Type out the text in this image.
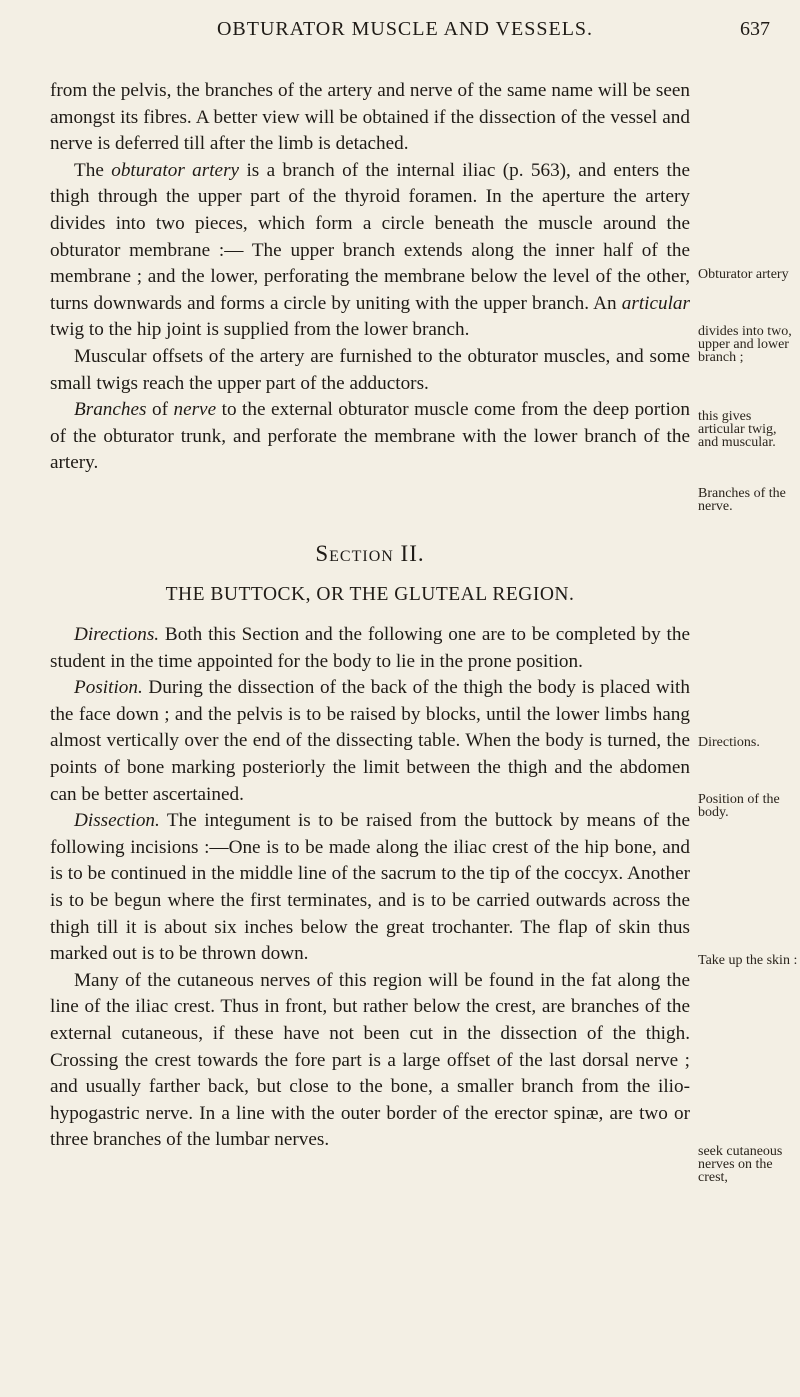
OBTURATOR MUSCLE AND VESSELS.	637

from the pelvis, the branches of the artery and nerve of the same name will be seen amongst its fibres. A better view will be obtained if the dissection of the vessel and nerve is deferred till after the limb is detached.

The obturator artery is a branch of the internal iliac (p. 563), and enters the thigh through the upper part of the thyroid foramen. In the aperture the artery divides into two pieces, which form a circle beneath the muscle around the obturator membrane :— The upper branch extends along the inner half of the membrane ; and the lower, perforating the membrane below the level of the other, turns downwards and forms a circle by uniting with the upper branch. An articular twig to the hip joint is supplied from the lower branch.

Muscular offsets of the artery are furnished to the obturator muscles, and some small twigs reach the upper part of the adductors.

Branches of nerve to the external obturator muscle come from the deep portion of the obturator trunk, and perforate the membrane with the lower branch of the artery.

Section II.
THE BUTTOCK, OR THE GLUTEAL REGION.

Directions. Both this Section and the following one are to be completed by the student in the time appointed for the body to lie in the prone position.

Position. During the dissection of the back of the thigh the body is placed with the face down ; and the pelvis is to be raised by blocks, until the lower limbs hang almost vertically over the end of the dissecting table. When the body is turned, the points of bone marking posteriorly the limit between the thigh and the abdomen can be better ascertained.

Dissection. The integument is to be raised from the buttock by means of the following incisions :—One is to be made along the iliac crest of the hip bone, and is to be continued in the middle line of the sacrum to the tip of the coccyx. Another is to be begun where the first terminates, and is to be carried outwards across the thigh till it is about six inches below the great trochanter. The flap of skin thus marked out is to be thrown down.

Many of the cutaneous nerves of this region will be found in the fat along the line of the iliac crest. Thus in front, but rather below the crest, are branches of the external cutaneous, if these have not been cut in the dissection of the thigh. Crossing the crest towards the fore part is a large offset of the last dorsal nerve ; and usually farther back, but close to the bone, a smaller branch from the ilio-hypogastric nerve. In a line with the outer border of the erector spinæ, are two or three branches of the lumbar nerves.

Obturator artery
divides into two, upper and lower branch ;
this gives articular twig, and muscular.
Branches of the nerve.
Directions.
Position of the body.
Take up the skin :
seek cutaneous nerves on the crest,
